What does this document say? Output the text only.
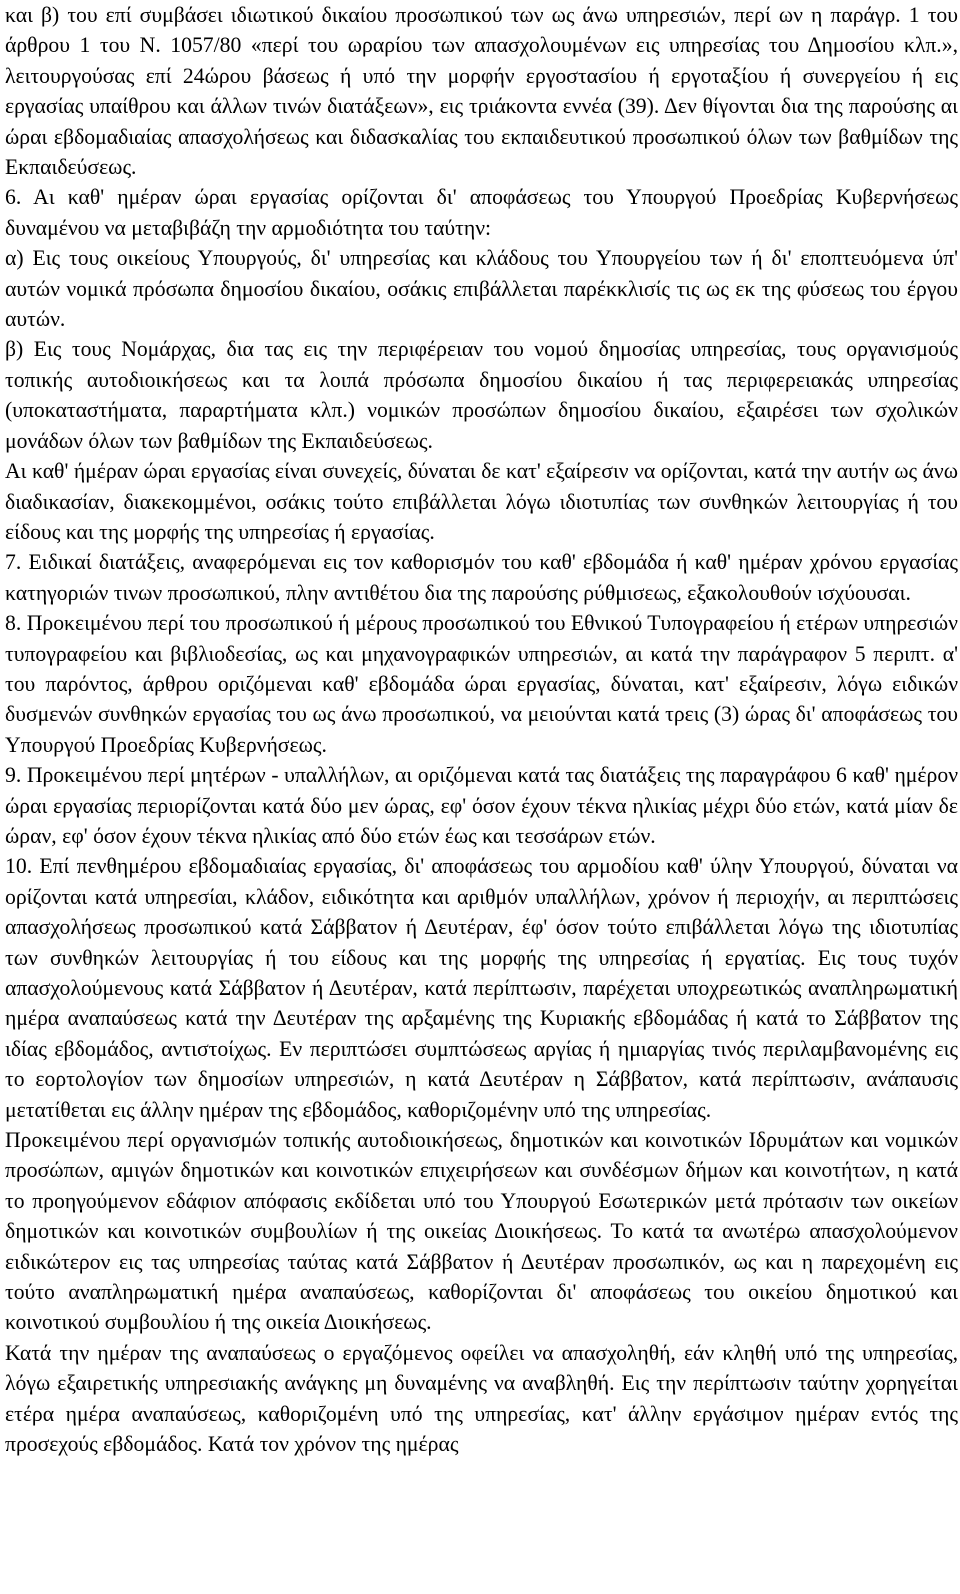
και β) του επί συμβάσει ιδιωτικού δικαίου προσωπικού των ως άνω υπηρεσιών, περί ων η παράγρ. 1 του άρθρου 1 του Ν. 1057/80 «περί του ωραρίου των απασχολουμένων εις υπηρεσίας του Δημοσίου κλπ.», λειτουργούσας επί 24ώρου βάσεως ή υπό την μορφήν εργοστασίου ή εργοταξίου ή συνεργείου ή εις εργασίας υπαίθρου και άλλων τινών διατάξεων», εις τριάκοντα εννέα (39). Δεν θίγονται δια της παρούσης αι ώραι εβδομαδιαίας απασχολήσεως και διδασκαλίας του εκπαιδευτικού προσωπικού όλων των βαθμίδων της Εκπαιδεύσεως.

6. Αι καθ' ημέραν ώραι εργασίας ορίζονται δι' αποφάσεως του Υπουργού Προεδρίας Κυβερνήσεως δυναμένου να μεταβιβάζη την αρμοδιότητα του ταύτην:

α) Εις τους οικείους Υπουργούς, δι' υπηρεσίας και κλάδους του Υπουργείου των ή δι' εποπτευόμενα ύπ' αυτών νομικά πρόσωπα δημοσίου δικαίου, οσάκις επιβάλλεται παρέκκλισίς τις ως εκ της φύσεως του έργου αυτών.

β) Εις τους Νομάρχας, δια τας εις την περιφέρειαν του νομού δημοσίας υπηρεσίας, τους οργανισμούς τοπικής αυτοδιοικήσεως και τα λοιπά πρόσωπα δημοσίου δικαίου ή τας περιφερειακάς υπηρεσίας (υποκαταστήματα, παραρτήματα κλπ.) νομικών προσώπων δημοσίου δικαίου, εξαιρέσει των σχολικών μονάδων όλων των βαθμίδων της Εκπαιδεύσεως.

Αι καθ' ήμέραν ώραι εργασίας είναι συνεχείς, δύναται δε κατ' εξαίρεσιν να ορίζονται, κατά την αυτήν ως άνω διαδικασίαν, διακεκομμένοι, οσάκις τούτο επιβάλλεται λόγω ιδιοτυπίας των συνθηκών λειτουργίας ή του είδους και της μορφής της υπηρεσίας ή εργασίας.

7. Ειδικαί διατάξεις, αναφερόμεναι εις τον καθορισμόν του καθ' εβδομάδα ή καθ' ημέραν χρόνου εργασίας κατηγοριών τινων προσωπικού, πλην αντιθέτου δια της παρούσης ρύθμισεως, εξακολουθούν ισχύουσαι.

8. Προκειμένου περί του προσωπικού ή μέρους προσωπικού του Εθνικού Τυπογραφείου ή ετέρων υπηρεσιών τυπογραφείου και βιβλιοδεσίας, ως και μηχανογραφικών υπηρεσιών, αι κατά την παράγραφον 5 περιπτ. α' του παρόντος, άρθρου οριζόμεναι καθ' εβδομάδα ώραι εργασίας, δύναται, κατ' εξαίρεσιν, λόγω ειδικών δυσμενών συνθηκών εργασίας του ως άνω προσωπικού, να μειούνται κατά τρεις (3) ώρας δι' αποφάσεως του Υπουργού Προεδρίας Κυβερνήσεως.

9. Προκειμένου περί μητέρων - υπαλλήλων, αι οριζόμεναι κατά τας διατάξεις της παραγράφου 6 καθ' ημέρον ώραι εργασίας περιορίζονται κατά δύο μεν ώρας, εφ' όσον έχουν τέκνα ηλικίας μέχρι δύο ετών, κατά μίαν δε ώραν, εφ' όσον έχουν τέκνα ηλικίας από δύο ετών έως και τεσσάρων ετών.

10. Επί πενθημέρου εβδομαδιαίας εργασίας, δι' αποφάσεως του αρμοδίου καθ' ύλην Υπουργού, δύναται να ορίζονται κατά υπηρεσίαι, κλάδον, ειδικότητα και αριθμόν υπαλλήλων, χρόνον ή περιοχήν, αι περιπτώσεις απασχολήσεως προσωπικού κατά Σάββατον ή Δευτέραν, έφ' όσον τούτο επιβάλλεται λόγω της ιδιοτυπίας των συνθηκών λειτουργίας ή του είδους και της μορφής της υπηρεσίας ή εργατίας. Εις τους τυχόν απασχολούμενους κατά Σάββατον ή Δευτέραν, κατά περίπτωσιν, παρέχεται υποχρεωτικώς αναπληρωματική ημέρα αναπαύσεως κατά την Δευτέραν της αρξαμένης της Κυριακής εβδομάδας ή κατά το Σάββατον της ιδίας εβδομάδος, αντιστοίχως. Εν περιπτώσει συμπτώσεως αργίας ή ημιαργίας τινός περιλαμβανομένης εις το εορτολογίον των δημοσίων υπηρεσιών, η κατά Δευτέραν η Σάββατον, κατά περίπτωσιν, ανάπαυσις μετατίθεται εις άλλην ημέραν της εβδομάδος, καθοριζομένην υπό της υπηρεσίας.

Προκειμένου περί οργανισμών τοπικής αυτοδιοικήσεως, δημοτικών και κοινοτικών Ιδρυμάτων και νομικών προσώπων, αμιγών δημοτικών και κοινοτικών επιχειρήσεων και συνδέσμων δήμων και κοινοτήτων, η κατά το προηγούμενον εδάφιον απόφασις εκδίδεται υπό του Υπουργού Εσωτερικών μετά πρότασιν των οικείων δημοτικών και κοινοτικών συμβουλίων ή της οικείας Διοικήσεως. Το κατά τα ανωτέρω απασχολούμενον ειδικώτερον εις τας υπηρεσίας ταύτας κατά Σάββατον ή Δευτέραν προσωπικόν, ως και η παρεχομένη εις τούτο αναπληρωματική ημέρα αναπαύσεως, καθορίζονται δι' αποφάσεως του οικείου δημοτικού και κοινοτικού συμβουλίου ή της οικεία Διοικήσεως.

Κατά την ημέραν της αναπαύσεως ο εργαζόμενος οφείλει να απασχοληθή, εάν κληθή υπό της υπηρεσίας, λόγω εξαιρετικής υπηρεσιακής ανάγκης μη δυναμένης να αναβληθή. Εις την περίπτωσιν ταύτην χορηγείται ετέρα ημέρα αναπαύσεως, καθοριζομένη υπό της υπηρεσίας, κατ' άλλην εργάσιμον ημέραν εντός της προσεχούς εβδομάδος. Κατά τον χρόνον της ημέρας
